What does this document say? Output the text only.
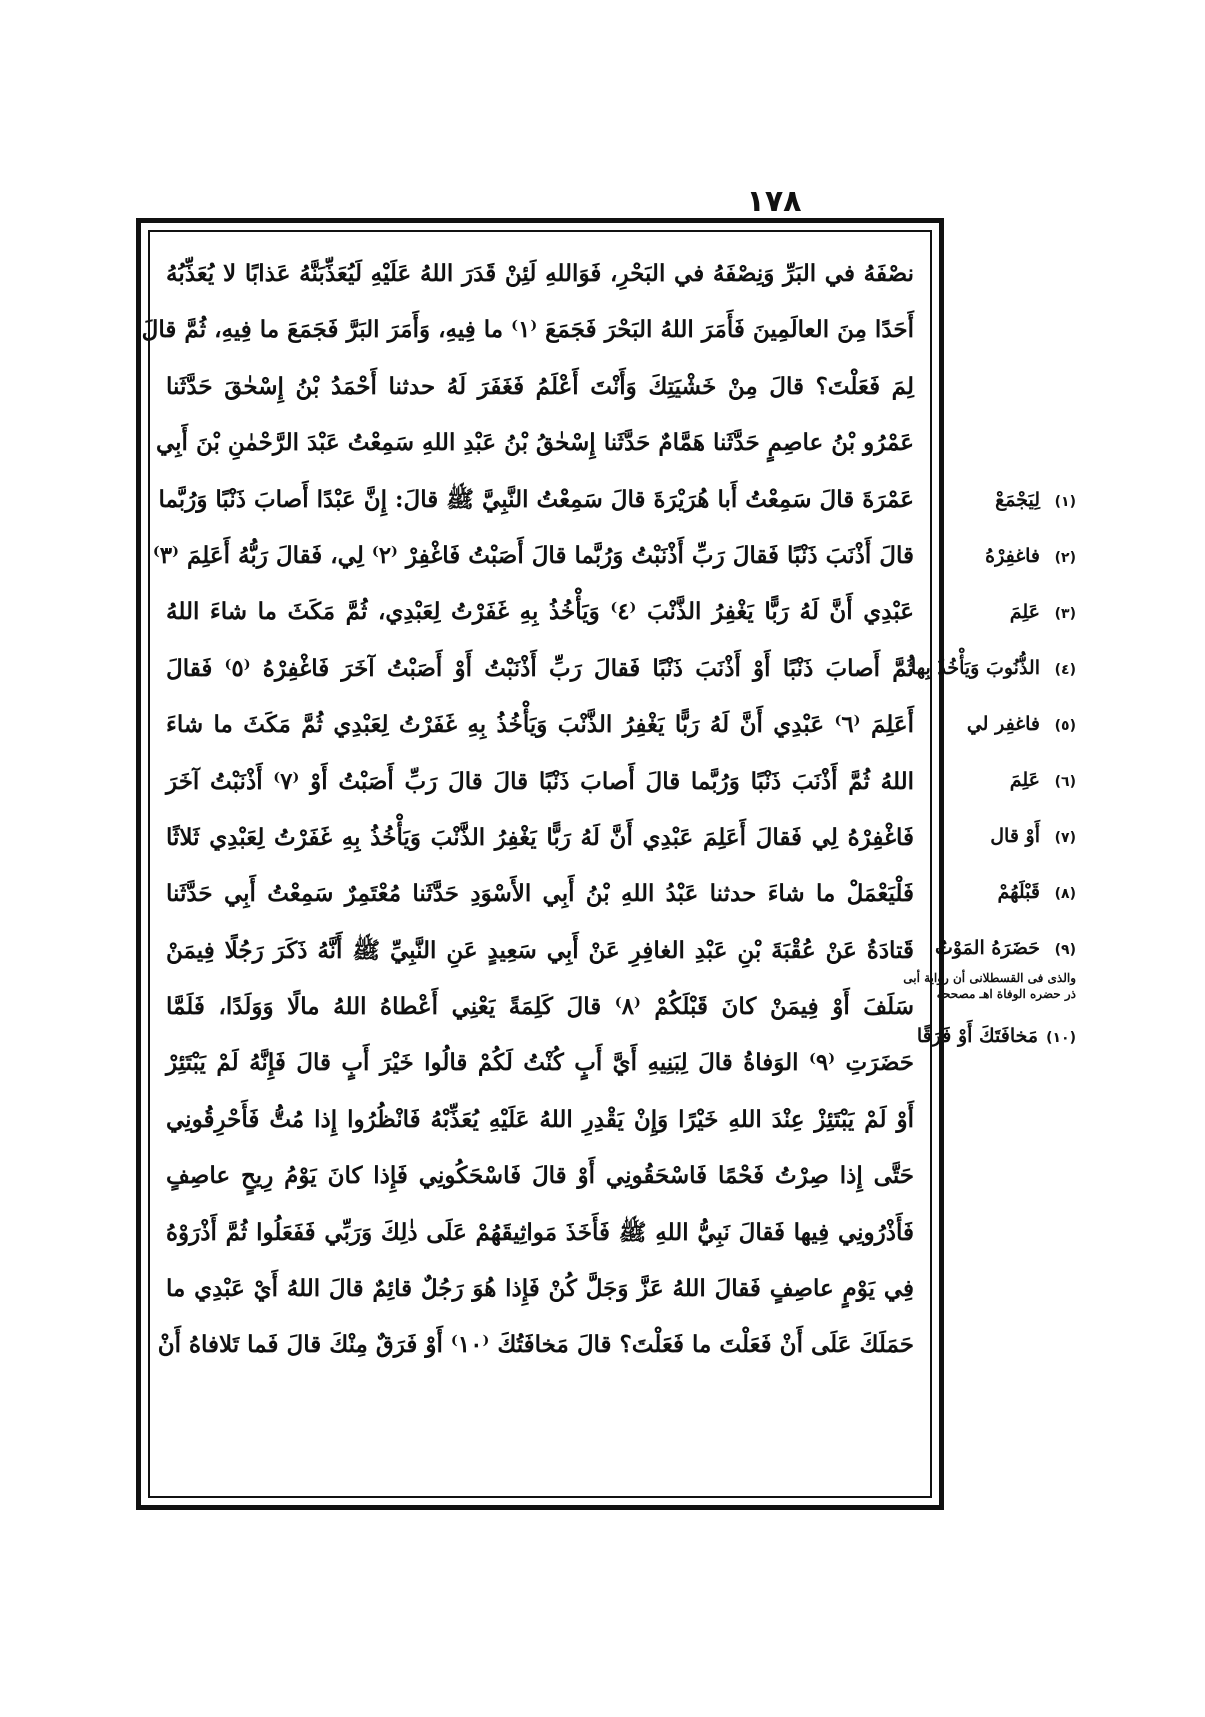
١٧٨
نصْفَهُ في البَرِّ وَنِصْفَهُ في البَحْرِ، فَوَاللهِ لَئِنْ قَدَرَ اللهُ عَلَيْهِ لَيُعَذِّبَنَّهُ عَذابًا لا يُعَذِّبُهُ
أَحَدًا مِنَ العالَمِينَ فَأَمَرَ اللهُ البَحْرَ فَجَمَعَ ⁽١⁾ ما فِيهِ، وَأَمَرَ البَرَّ فَجَمَعَ ما فِيهِ، ثُمَّ قالَ
لِمَ فَعَلْتَ؟ قالَ مِنْ خَشْيَتِكَ وَأَنْتَ أَعْلَمُ فَغَفَرَ لَهُ حدثنا أَحْمَدُ بْنُ إِسْحٰقَ حَدَّثَنا
عَمْرُو بْنُ عاصِمٍ حَدَّثَنا هَمَّامٌ حَدَّثَنا إِسْحٰقُ بْنُ عَبْدِ اللهِ سَمِعْتُ عَبْدَ الرَّحْمٰنِ بْنَ أَبِي
عَمْرَةَ قالَ سَمِعْتُ أَبا هُرَيْرَةَ قالَ سَمِعْتُ النَّبِيَّ ﷺ قالَ: إِنَّ عَبْدًا أَصابَ ذَنْبًا وَرُبَّما
قالَ أَذْنَبَ ذَنْبًا فَقالَ رَبِّ أَذْنَبْتُ وَرُبَّما قالَ أَصَبْتُ فَاغْفِرْ ⁽٢⁾ لِي، فَقالَ رَبُّهُ أَعَلِمَ ⁽٣⁾
عَبْدِي أَنَّ لَهُ رَبًّا يَغْفِرُ الذَّنْبَ ⁽٤⁾ وَيَأْخُذُ بِهِ غَفَرْتُ لِعَبْدِي، ثُمَّ مَكَثَ ما شاءَ اللهُ
ثُمَّ أَصابَ ذَنْبًا أَوْ أَذْنَبَ ذَنْبًا فَقالَ رَبِّ أَذْنَبْتُ أَوْ أَصَبْتُ آخَرَ فَاغْفِرْهُ ⁽٥⁾ فَقالَ
أَعَلِمَ ⁽٦⁾ عَبْدِي أَنَّ لَهُ رَبًّا يَغْفِرُ الذَّنْبَ وَيَأْخُذُ بِهِ غَفَرْتُ لِعَبْدِي ثُمَّ مَكَثَ ما شاءَ
اللهُ ثُمَّ أَذْنَبَ ذَنْبًا وَرُبَّما قالَ أَصابَ ذَنْبًا قالَ قالَ رَبِّ أَصَبْتُ أَوْ ⁽٧⁾ أَذْنَبْتُ آخَرَ
فَاغْفِرْهُ لِي فَقالَ أَعَلِمَ عَبْدِي أَنَّ لَهُ رَبًّا يَغْفِرُ الذَّنْبَ وَيَأْخُذُ بِهِ غَفَرْتُ لِعَبْدِي ثَلاثًا
فَلْيَعْمَلْ ما شاءَ حدثنا عَبْدُ اللهِ بْنُ أَبِي الأَسْوَدِ حَدَّثَنا مُعْتَمِرٌ سَمِعْتُ أَبِي حَدَّثَنا
قَتادَةُ عَنْ عُقْبَةَ بْنِ عَبْدِ الغافِرِ عَنْ أَبِي سَعِيدٍ عَنِ النَّبِيِّ ﷺ أَنَّهُ ذَكَرَ رَجُلًا فِيمَنْ
سَلَفَ أَوْ فِيمَنْ كانَ قَبْلَكُمْ ⁽٨⁾ قالَ كَلِمَةً يَعْنِي أَعْطاهُ اللهُ مالًا وَوَلَدًا، فَلَمَّا
حَضَرَتِ ⁽٩⁾ الوَفاةُ قالَ لِبَنِيهِ أَيَّ أَبٍ كُنْتُ لَكُمْ قالُوا خَيْرَ أَبٍ قالَ فَإِنَّهُ لَمْ يَبْتَئِرْ
أَوْ لَمْ يَبْتَئِزْ عِنْدَ اللهِ خَيْرًا وَإِنْ يَقْدِرِ اللهُ عَلَيْهِ يُعَذِّبْهُ فَانْظُرُوا إِذا مُتُّ فَأَحْرِقُونِي
حَتَّى إِذا صِرْتُ فَحْمًا فَاسْحَقُونِي أَوْ قالَ فَاسْحَكُونِي فَإِذا كانَ يَوْمُ رِيحٍ عاصِفٍ
فَأَذْرُونِي فِيها فَقالَ نَبِيُّ اللهِ ﷺ فَأَخَذَ مَواثِيقَهُمْ عَلَى ذٰلِكَ وَرَبِّي فَفَعَلُوا ثُمَّ أَذْرَوْهُ
فِي يَوْمٍ عاصِفٍ فَقالَ اللهُ عَزَّ وَجَلَّ كُنْ فَإِذا هُوَ رَجُلٌ قائِمٌ قالَ اللهُ أَيْ عَبْدِي ما
حَمَلَكَ عَلَى أَنْ فَعَلْتَ ما فَعَلْتَ؟ قالَ مَخافَتُكَ ⁽١٠⁾ أَوْ فَرَقٌ مِنْكَ قالَ فَما تَلافاهُ أَنْ
(١)
لِيَجْمَعْ
(٢)
فاغفِرْهُ
(٣)
عَلِمَ
(٤)
الذُّنُوبَ وَيَأْخُذُ بِها
(٥)
فاغفِر لي
(٦)
عَلِمَ
(٧)
أَوْ قال
(٨)
قَبْلَهُمْ
(٩)
حَضَرَهُ المَوْتُ
والذى فى القسطلانى أن رواية أبى ذر حضره الوفاة اهـ مصححه
(١٠)
مَخافَتَكَ أَوْ فَرَقًا
